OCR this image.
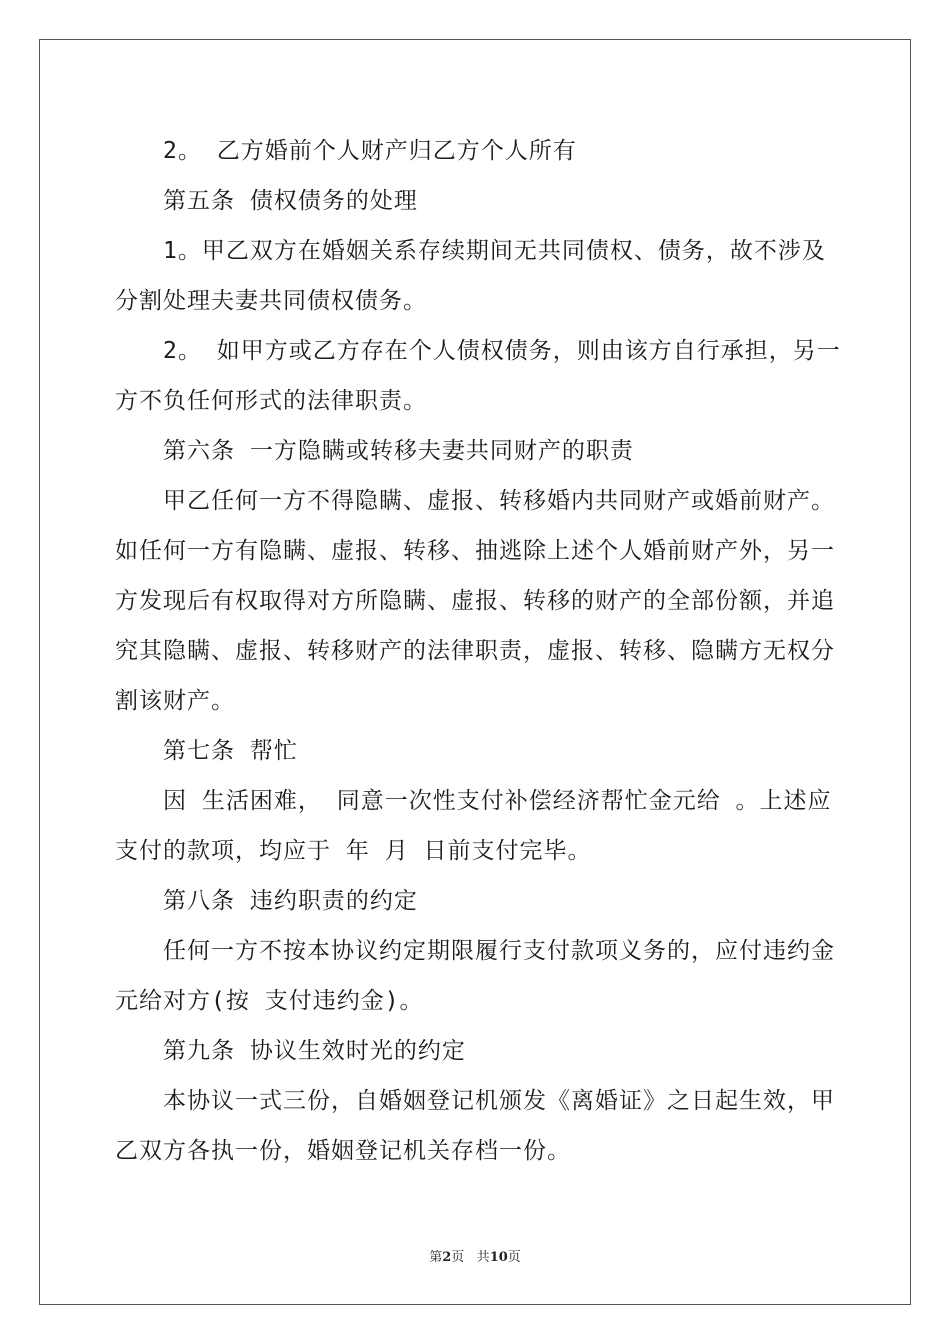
2。 乙方婚前个人财产归乙方个人所有
第五条 债权债务的处理
1。甲乙双方在婚姻关系存续期间无共同债权、债务，故不涉及
分割处理夫妻共同债权债务。
2。 如甲方或乙方存在个人债权债务，则由该方自行承担，另一
方不负任何形式的法律职责。
第六条 一方隐瞒或转移夫妻共同财产的职责
甲乙任何一方不得隐瞒、虚报、转移婚内共同财产或婚前财产。
如任何一方有隐瞒、虚报、转移、抽逃除上述个人婚前财产外，另一
方发现后有权取得对方所隐瞒、虚报、转移的财产的全部份额，并追
究其隐瞒、虚报、转移财产的法律职责，虚报、转移、隐瞒方无权分
割该财产。
第七条 帮忙
因 生活困难， 同意一次性支付补偿经济帮忙金元给 。上述应
支付的款项，均应于 年 月 日前支付完毕。
第八条 违约职责的约定
任何一方不按本协议约定期限履行支付款项义务的，应付违约金
元给对方(按 支付违约金)。
第九条 协议生效时光的约定
本协议一式三份，自婚姻登记机颁发《离婚证》之日起生效，甲
乙双方各执一份，婚姻登记机关存档一份。
第2页 共10页
